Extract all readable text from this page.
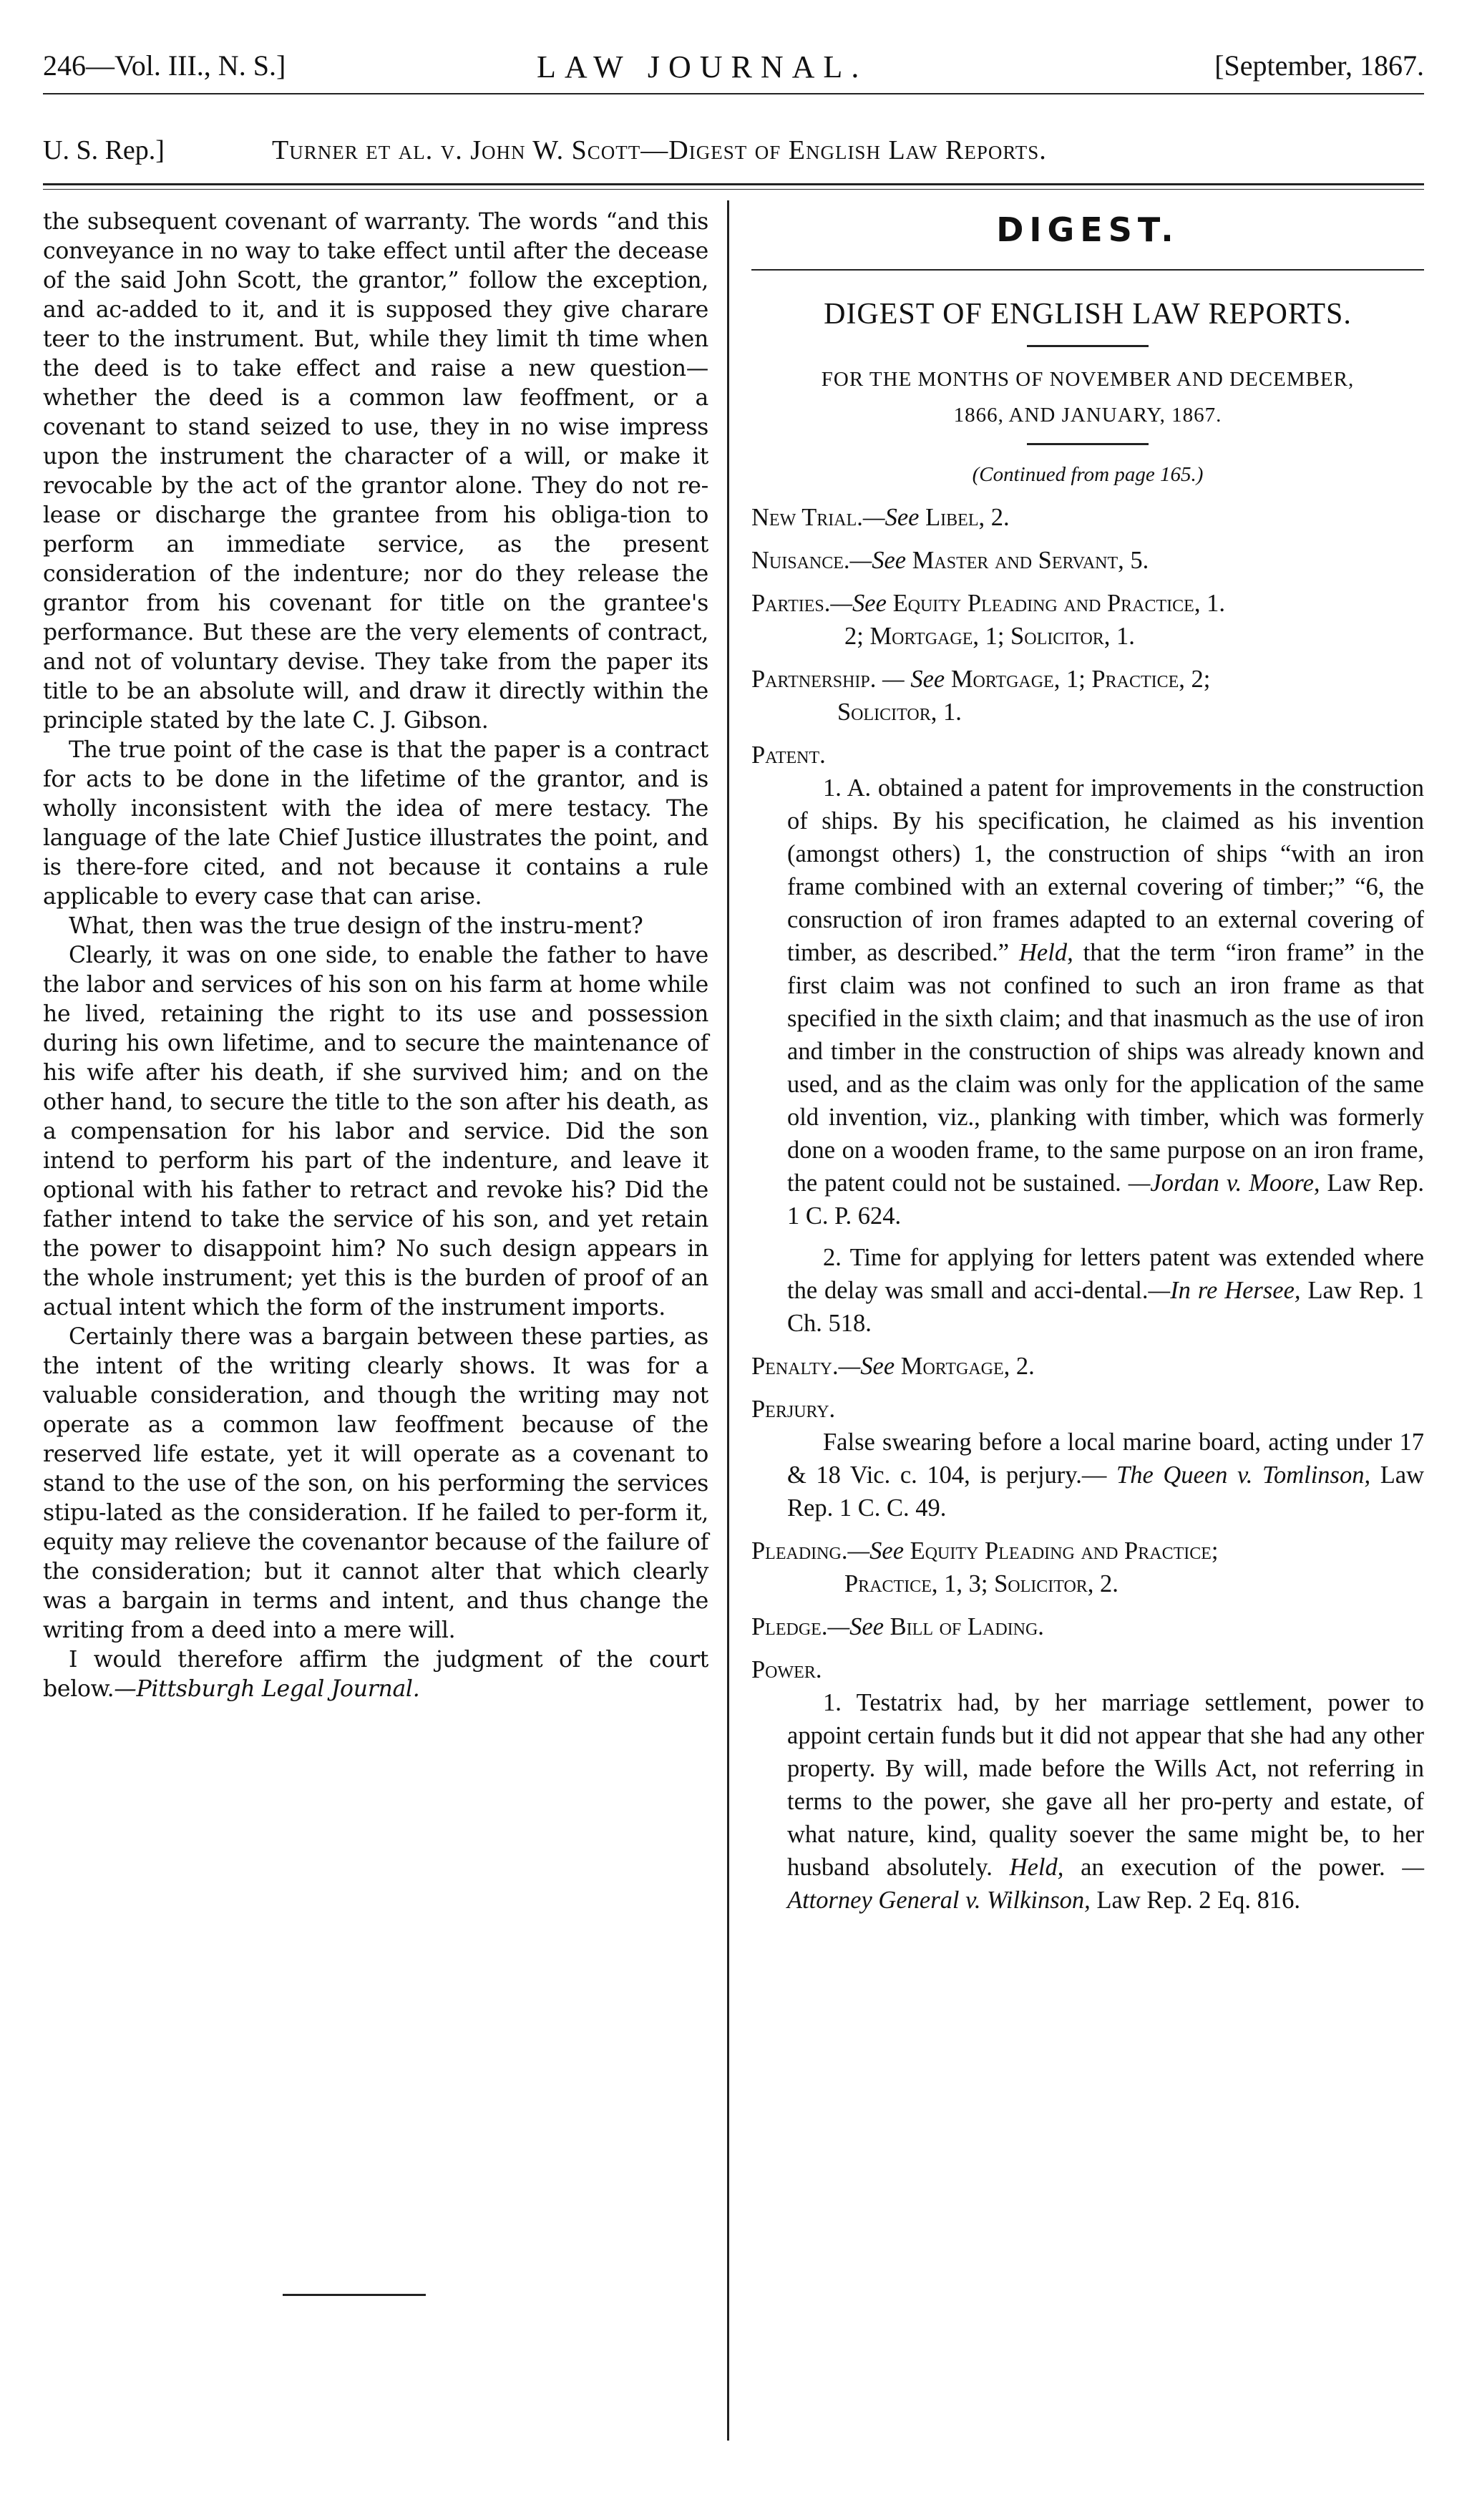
246—Vol. III., N. S.]	LAW JOURNAL.	[September, 1867.
U. S. Rep.]	Turner et al. v. John W. Scott—Digest of English Law Reports.

the subsequent covenant of warranty. The words “and this conveyance in no way to take effect until after the decease of the said John Scott, the grantor,” follow the exception, and ac-added to it, and it is supposed they give charare teer to the instrument. But, while they limit th time when the deed is to take effect and raise a new question—whether the deed is a common law feoffment, or a covenant to stand seized to use, they in no wise impress upon the instrument the character of a will, or make it revocable by the act of the grantor alone. They do not re-lease or discharge the grantee from his obliga-tion to perform an immediate service, as the present consideration of the indenture; nor do they release the grantor from his covenant for title on the grantee's performance. But these are the very elements of contract, and not of voluntary devise. They take from the paper its title to be an absolute will, and draw it directly within the principle stated by the late C. J. Gibson.

The true point of the case is that the paper is a contract for acts to be done in the lifetime of the grantor, and is wholly inconsistent with the idea of mere testacy. The language of the late Chief Justice illustrates the point, and is there-fore cited, and not because it contains a rule applicable to every case that can arise.

What, then was the true design of the instru-ment?

Clearly, it was on one side, to enable the father to have the labor and services of his son on his farm at home while he lived, retaining the right to its use and possession during his own lifetime, and to secure the maintenance of his wife after his death, if she survived him; and on the other hand, to secure the title to the son after his death, as a compensation for his labor and service. Did the son intend to perform his part of the indenture, and leave it optional with his father to retract and revoke his? Did the father intend to take the service of his son, and yet retain the power to disappoint him? No such design appears in the whole instrument; yet this is the burden of proof of an actual intent which the form of the instrument imports.

Certainly there was a bargain between these parties, as the intent of the writing clearly shows. It was for a valuable consideration, and though the writing may not operate as a common law feoffment because of the reserved life estate, yet it will operate as a covenant to stand to the use of the son, on his performing the services stipu-lated as the consideration. If he failed to per-form it, equity may relieve the covenantor because of the failure of the consideration; but it cannot alter that which clearly was a bargain in terms and intent, and thus change the writing from a deed into a mere will.

I would therefore affirm the judgment of the court below.—Pittsburgh Legal Journal.

DIGEST.
DIGEST OF ENGLISH LAW REPORTS.
FOR THE MONTHS OF NOVEMBER AND DECEMBER,
1866, AND JANUARY, 1867.
(Continued from page 165.)
New Trial.—See Libel, 2.
Nuisance.—See Master and Servant, 5.
Parties.—See Equity Pleading and Practice, 1.
2; Mortgage, 1; Solicitor, 1.
Partnership. — See Mortgage, 1; Practice, 2;
Solicitor, 1.
Patent.
1. A. obtained a patent for improvements in the construction of ships. By his specification, he claimed as his invention (amongst others) 1, the construction of ships “with an iron frame combined with an external covering of timber;” “6, the consruction of iron frames adapted to an external covering of timber, as described.” Held, that the term “iron frame” in the first claim was not confined to such an iron frame as that specified in the sixth claim; and that inasmuch as the use of iron and timber in the construction of ships was already known and used, and as the claim was only for the application of the same old invention, viz., planking with timber, which was formerly done on a wooden frame, to the same purpose on an iron frame, the patent could not be sustained. —Jordan v. Moore, Law Rep. 1 C. P. 624.
2. Time for applying for letters patent was extended where the delay was small and acci-dental.—In re Hersee, Law Rep. 1 Ch. 518.
Penalty.—See Mortgage, 2.
Perjury.
False swearing before a local marine board, acting under 17 & 18 Vic. c. 104, is perjury.— The Queen v. Tomlinson, Law Rep. 1 C. C. 49.
Pleading.—See Equity Pleading and Practice;
Practice, 1, 3; Solicitor, 2.
Pledge.—See Bill of Lading.
Power.
1. Testatrix had, by her marriage settlement, power to appoint certain funds but it did not appear that she had any other property. By will, made before the Wills Act, not referring in terms to the power, she gave all her pro-perty and estate, of what nature, kind, quality soever the same might be, to her husband absolutely. Held, an execution of the power. — Attorney General v. Wilkinson, Law Rep. 2 Eq. 816.
